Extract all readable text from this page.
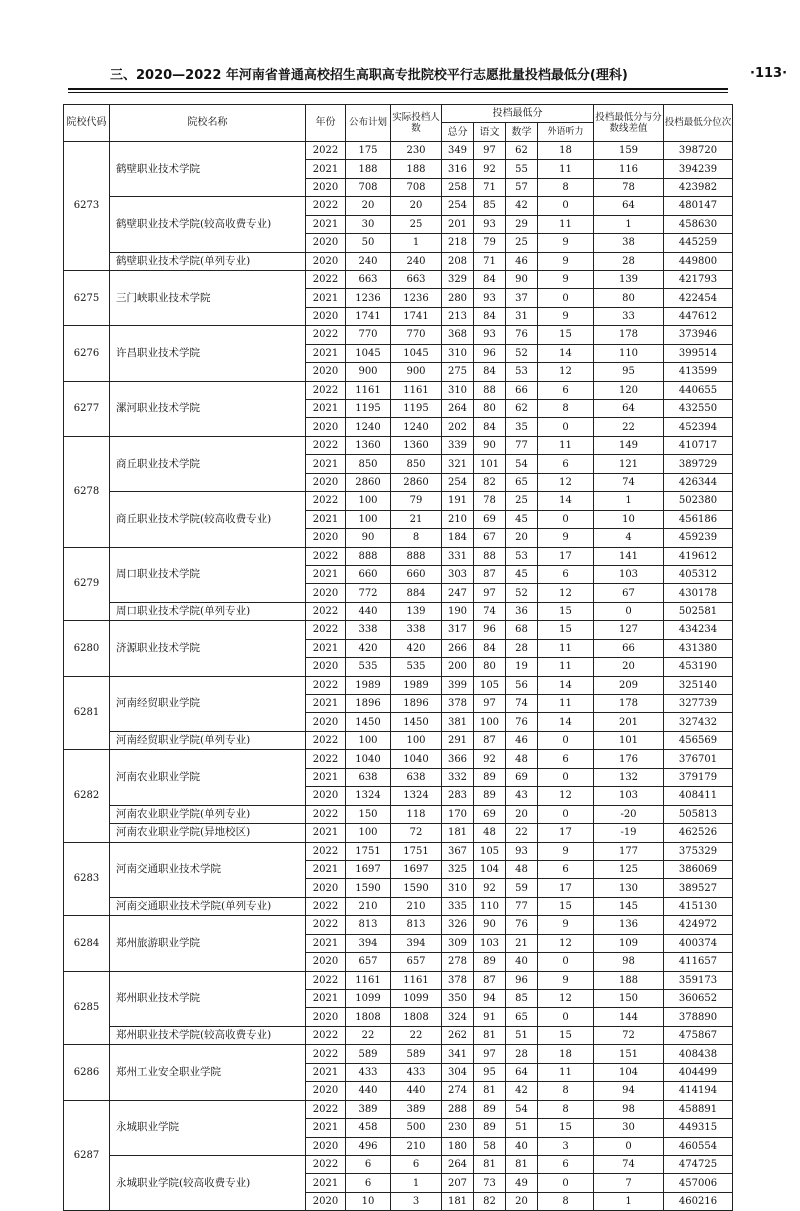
三、2020—2022 年河南省普通高校招生高职高专批院校平行志愿批量投档最低分(理科)	·113·
院校代码	院校名称	年份	公布计划	实际投档人数	投档最低分				投档最低分与分数线差值	投档最低分位次
					总分	语文	数学	外语听力		
6273	鹤壁职业技术学院	2022	175	230	349	97	62	18	159	398720
		2021	188	188	316	92	55	11	116	394239
		2020	708	708	258	71	57	8	78	423982
	鹤壁职业技术学院(较高收费专业)	2022	20	20	254	85	42	0	64	480147
		2021	30	25	201	93	29	11	1	458630
		2020	50	1	218	79	25	9	38	445259
	鹤壁职业技术学院(单列专业)	2020	240	240	208	71	46	9	28	449800
6275	三门峡职业技术学院	2022	663	663	329	84	90	9	139	421793
		2021	1236	1236	280	93	37	0	80	422454
		2020	1741	1741	213	84	31	9	33	447612
6276	许昌职业技术学院	2022	770	770	368	93	76	15	178	373946
		2021	1045	1045	310	96	52	14	110	399514
		2020	900	900	275	84	53	12	95	413599
6277	漯河职业技术学院	2022	1161	1161	310	88	66	6	120	440655
		2021	1195	1195	264	80	62	8	64	432550
		2020	1240	1240	202	84	35	0	22	452394
6278	商丘职业技术学院	2022	1360	1360	339	90	77	11	149	410717
		2021	850	850	321	101	54	6	121	389729
		2020	2860	2860	254	82	65	12	74	426344
	商丘职业技术学院(较高收费专业)	2022	100	79	191	78	25	14	1	502380
		2021	100	21	210	69	45	0	10	456186
		2020	90	8	184	67	20	9	4	459239
6279	周口职业技术学院	2022	888	888	331	88	53	17	141	419612
		2021	660	660	303	87	45	6	103	405312
		2020	772	884	247	97	52	12	67	430178
	周口职业技术学院(单列专业)	2022	440	139	190	74	36	15	0	502581
6280	济源职业技术学院	2022	338	338	317	96	68	15	127	434234
		2021	420	420	266	84	28	11	66	431380
		2020	535	535	200	80	19	11	20	453190
6281	河南经贸职业学院	2022	1989	1989	399	105	56	14	209	325140
		2021	1896	1896	378	97	74	11	178	327739
		2020	1450	1450	381	100	76	14	201	327432
	河南经贸职业学院(单列专业)	2022	100	100	291	87	46	0	101	456569
6282	河南农业职业学院	2022	1040	1040	366	92	48	6	176	376701
		2021	638	638	332	89	69	0	132	379179
		2020	1324	1324	283	89	43	12	103	408411
	河南农业职业学院(单列专业)	2022	150	118	170	69	20	0	-20	505813
	河南农业职业学院(异地校区)	2021	100	72	181	48	22	17	-19	462526
6283	河南交通职业技术学院	2022	1751	1751	367	105	93	9	177	375329
		2021	1697	1697	325	104	48	6	125	386069
		2020	1590	1590	310	92	59	17	130	389527
	河南交通职业技术学院(单列专业)	2022	210	210	335	110	77	15	145	415130
6284	郑州旅游职业学院	2022	813	813	326	90	76	9	136	424972
		2021	394	394	309	103	21	12	109	400374
		2020	657	657	278	89	40	0	98	411657
6285	郑州职业技术学院	2022	1161	1161	378	87	96	9	188	359173
		2021	1099	1099	350	94	85	12	150	360652
		2020	1808	1808	324	91	65	0	144	378890
	郑州职业技术学院(较高收费专业)	2022	22	22	262	81	51	15	72	475867
6286	郑州工业安全职业学院	2022	589	589	341	97	28	18	151	408438
		2021	433	433	304	95	64	11	104	404499
		2020	440	440	274	81	42	8	94	414194
6287	永城职业学院	2022	389	389	288	89	54	8	98	458891
		2021	458	500	230	89	51	15	30	449315
		2020	496	210	180	58	40	3	0	460554
	永城职业学院(较高收费专业)	2022	6	6	264	81	81	6	74	474725
		2021	6	1	207	73	49	0	7	457006
		2020	10	3	181	82	20	8	1	460216
